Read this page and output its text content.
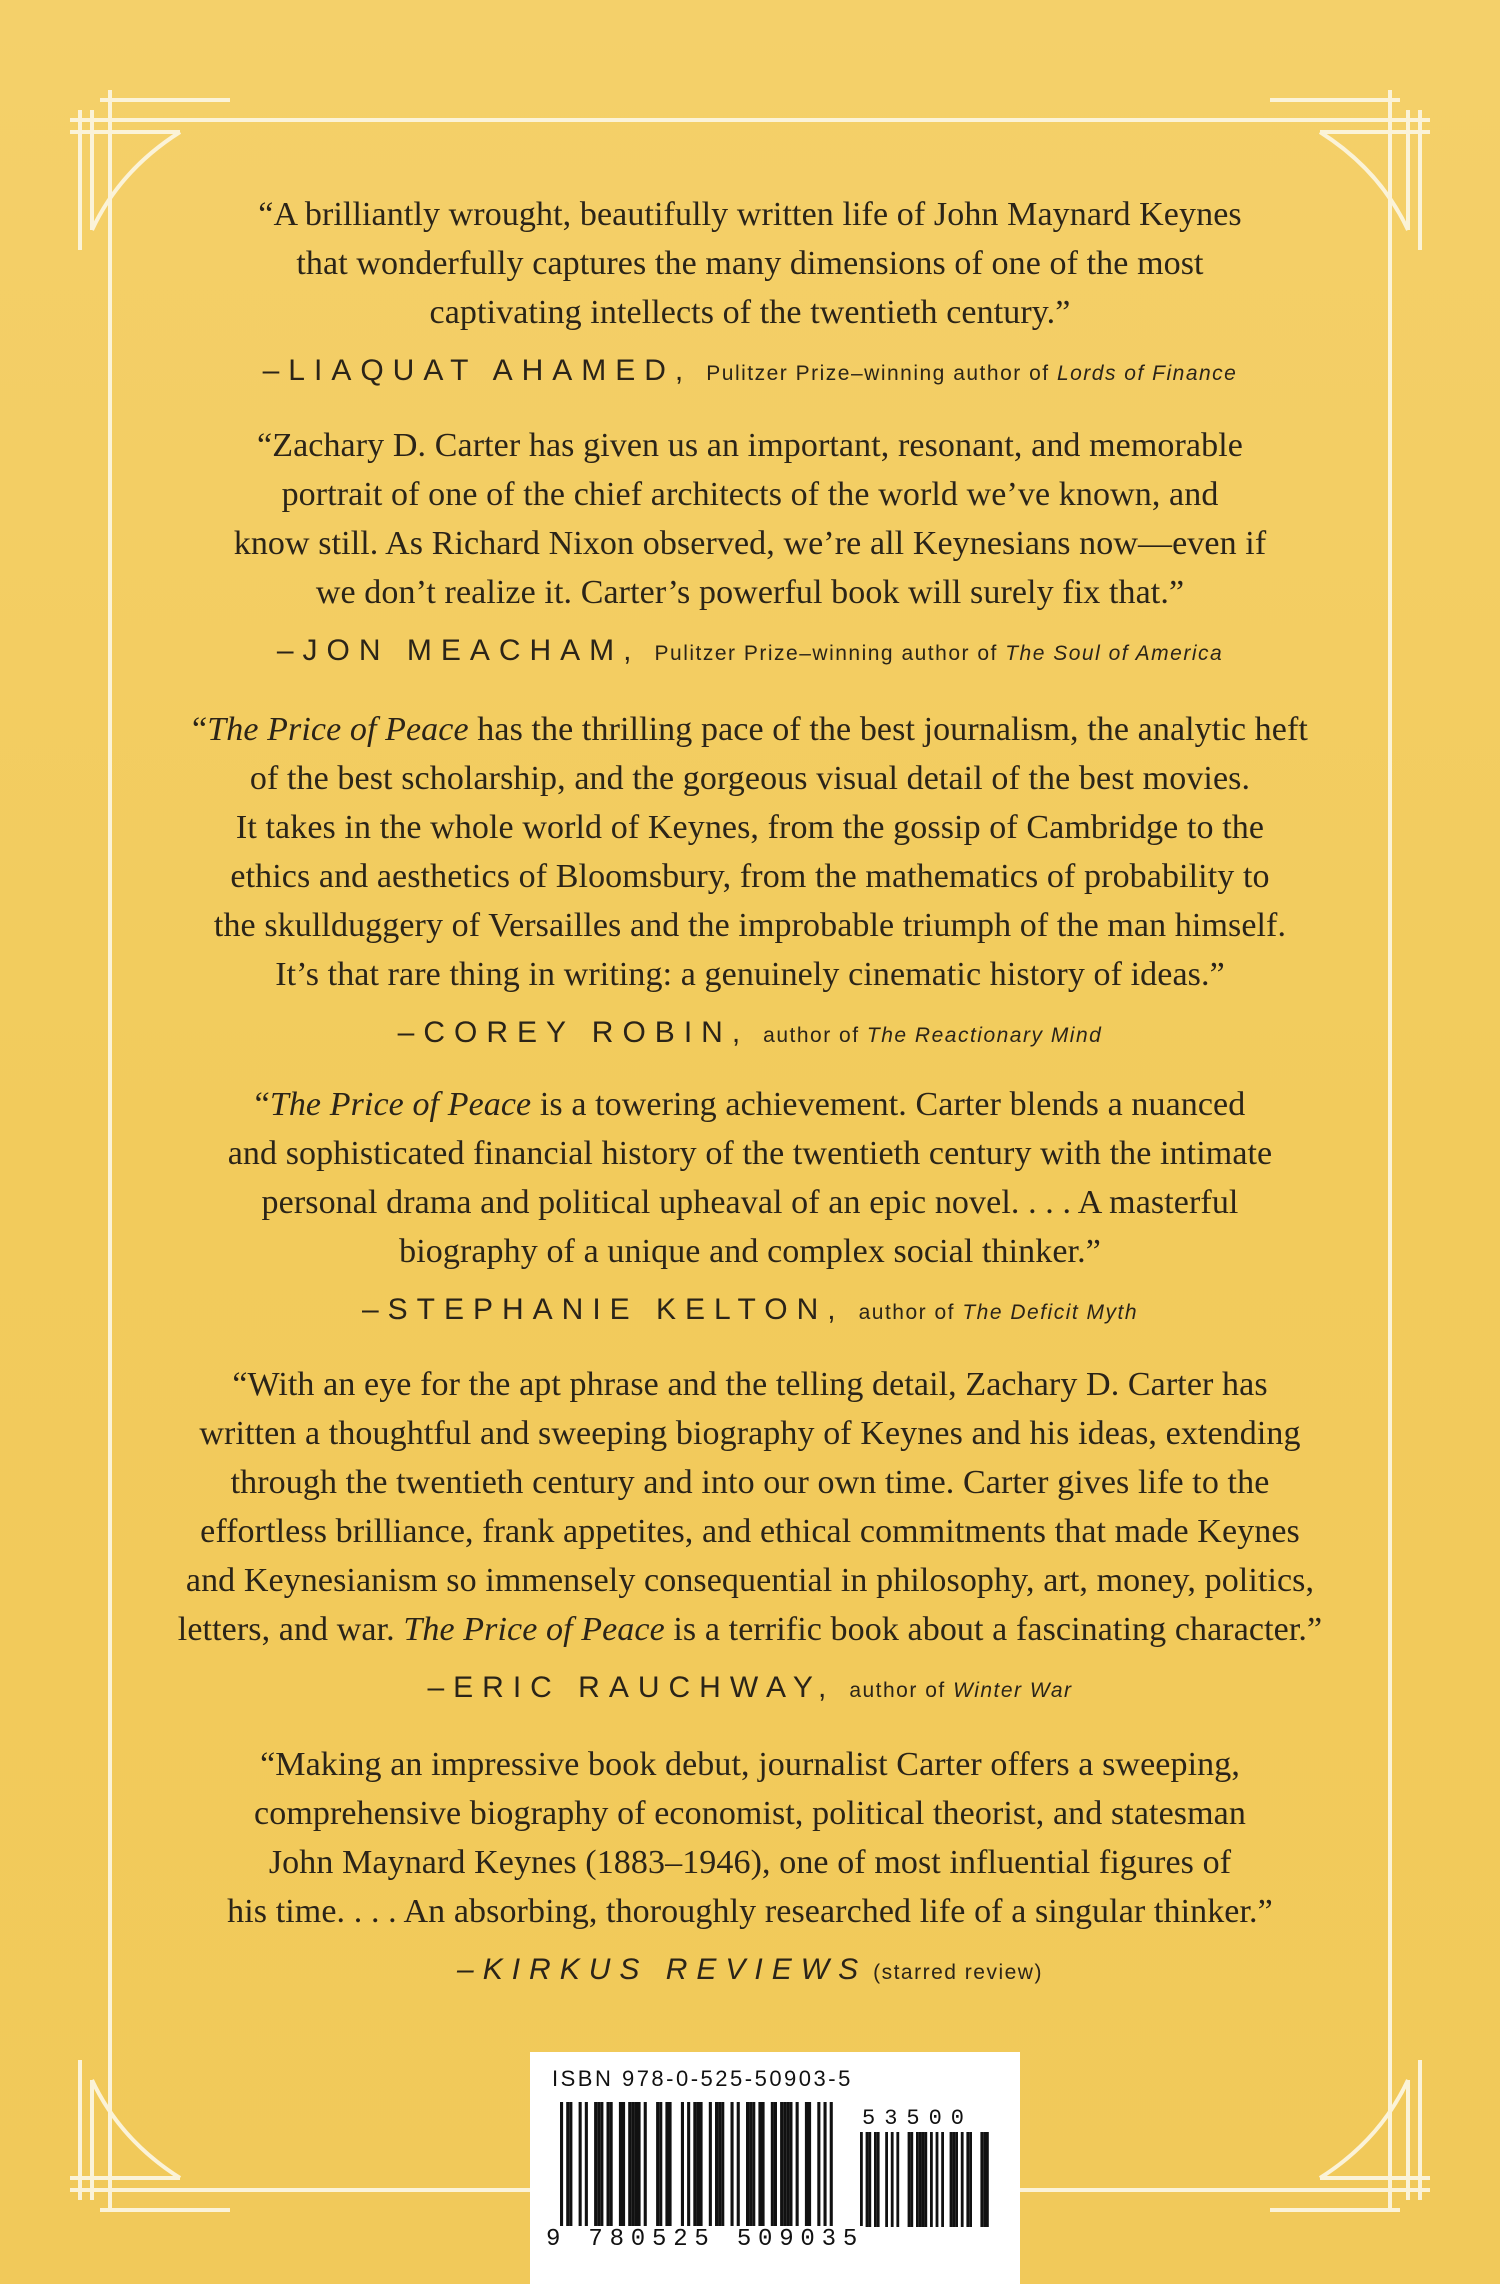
“A brilliantly wrought, beautifully written life of John Maynard Keynes
that wonderfully captures the many dimensions of one of the most
captivating intellects of the twentieth century.”

–LIAQUAT AHAMED, Pulitzer Prize–winning author of Lords of Finance

“Zachary D. Carter has given us an important, resonant, and memorable
portrait of one of the chief architects of the world we’ve known, and
know still. As Richard Nixon observed, we’re all Keynesians now—even if
we don’t realize it. Carter’s powerful book will surely fix that.”

–JON MEACHAM, Pulitzer Prize–winning author of The Soul of America

“The Price of Peace has the thrilling pace of the best journalism, the analytic heft
of the best scholarship, and the gorgeous visual detail of the best movies.
It takes in the whole world of Keynes, from the gossip of Cambridge to the
ethics and aesthetics of Bloomsbury, from the mathematics of probability to
the skullduggery of Versailles and the improbable triumph of the man himself.
It’s that rare thing in writing: a genuinely cinematic history of ideas.”

–COREY ROBIN, author of The Reactionary Mind

“The Price of Peace is a towering achievement. Carter blends a nuanced
and sophisticated financial history of the twentieth century with the intimate
personal drama and political upheaval of an epic novel. . . . A masterful
biography of a unique and complex social thinker.”

–STEPHANIE KELTON, author of The Deficit Myth

“With an eye for the apt phrase and the telling detail, Zachary D. Carter has
written a thoughtful and sweeping biography of Keynes and his ideas, extending
through the twentieth century and into our own time. Carter gives life to the
effortless brilliance, frank appetites, and ethical commitments that made Keynes
and Keynesianism so immensely consequential in philosophy, art, money, politics,
letters, and war. The Price of Peace is a terrific book about a fascinating character.”

–ERIC RAUCHWAY, author of Winter War

“Making an impressive book debut, journalist Carter offers a sweeping,
comprehensive biography of economist, political theorist, and statesman
John Maynard Keynes (1883–1946), one of most influential figures of
his time. . . . An absorbing, thoroughly researched life of a singular thinker.”

–KIRKUS REVIEWS (starred review)

ISBN 978-0-525-50903-5
53500
9 780525 509035
